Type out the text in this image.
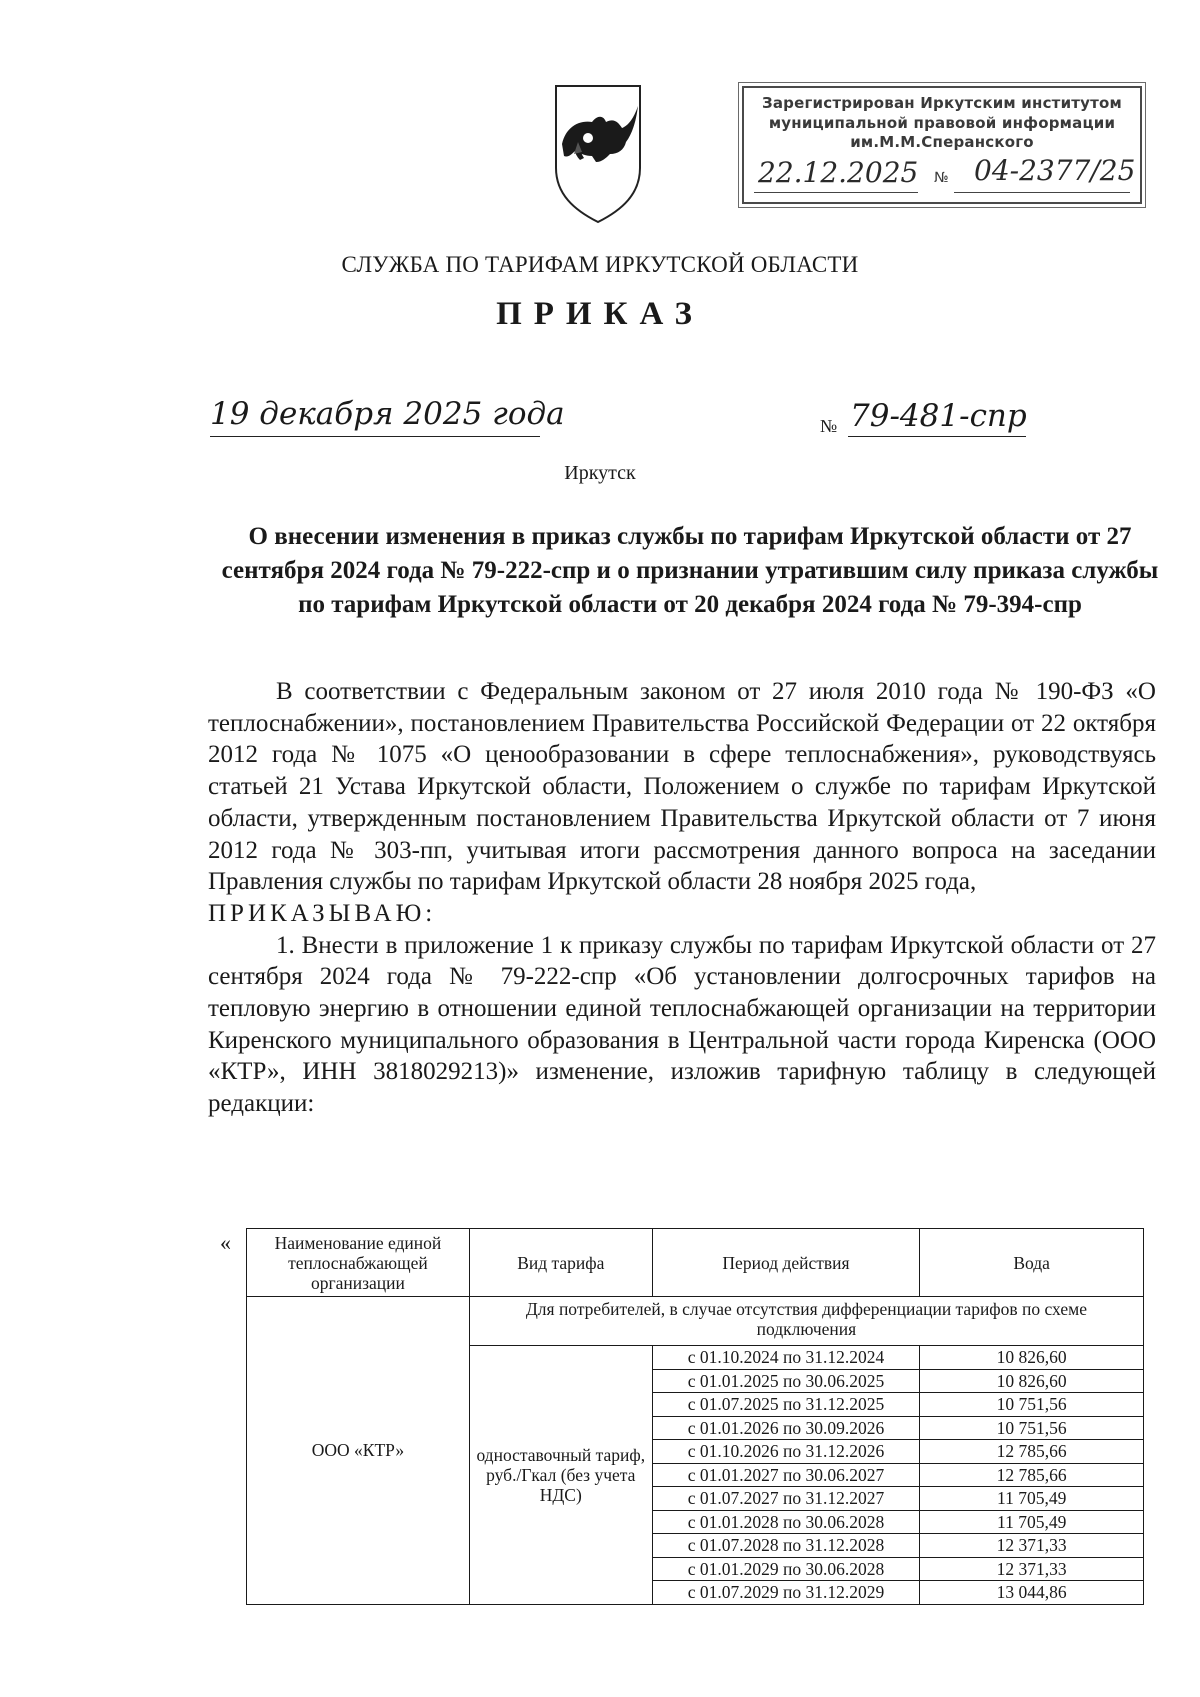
Зарегистрирован Иркутским институтом
муниципальной правовой информации
им.М.М.Сперанского
22.12.2025 № 04-2377/25
СЛУЖБА ПО ТАРИФАМ ИРКУТСКОЙ ОБЛАСТИ
ПРИКАЗ
19 декабря 2025 года	№ 79-481-спр
Иркутск
О внесении изменения в приказ службы по тарифам Иркутской области от 27 сентября 2024 года № 79-222-спр и о признании утратившим силу приказа службы по тарифам Иркутской области от 20 декабря 2024 года № 79-394-спр

В соответствии с Федеральным законом от 27 июля 2010 года № 190-ФЗ «О теплоснабжении», постановлением Правительства Российской Федерации от 22 октября 2012 года № 1075 «О ценообразовании в сфере теплоснабжения», руководствуясь статьей 21 Устава Иркутской области, Положением о службе по тарифам Иркутской области, утвержденным постановлением Правительства Иркутской области от 7 июня 2012 года № 303-пп, учитывая итоги рассмотрения данного вопроса на заседании Правления службы по тарифам Иркутской области 28 ноября 2025 года,

ПРИКАЗЫВАЮ:

1. Внести в приложение 1 к приказу службы по тарифам Иркутской области от 27 сентября 2024 года № 79-222-спр «Об установлении долгосрочных тарифов на тепловую энергию в отношении единой теплоснабжающей организации на территории Киренского муниципального образования в Центральной части города Киренска (ООО «КТР», ИНН 3818029213)» изменение, изложив тарифную таблицу в следующей редакции:

« Наименование единой теплоснабжающей организации	Вид тарифа	Период действия	Вода
ООО «КТР»	Для потребителей, в случае отсутствия дифференциации тарифов по схеме подключения		
	одноставочный тариф, руб./Гкал (без учета НДС)	с 01.10.2024 по 31.12.2024	10 826,60
		с 01.01.2025 по 30.06.2025	10 826,60
		с 01.07.2025 по 31.12.2025	10 751,56
		с 01.01.2026 по 30.09.2026	10 751,56
		с 01.10.2026 по 31.12.2026	12 785,66
		с 01.01.2027 по 30.06.2027	12 785,66
		с 01.07.2027 по 31.12.2027	11 705,49
		с 01.01.2028 по 30.06.2028	11 705,49
		с 01.07.2028 по 31.12.2028	12 371,33
		с 01.01.2029 по 30.06.2028	12 371,33
		с 01.07.2029 по 31.12.2029	13 044,86
